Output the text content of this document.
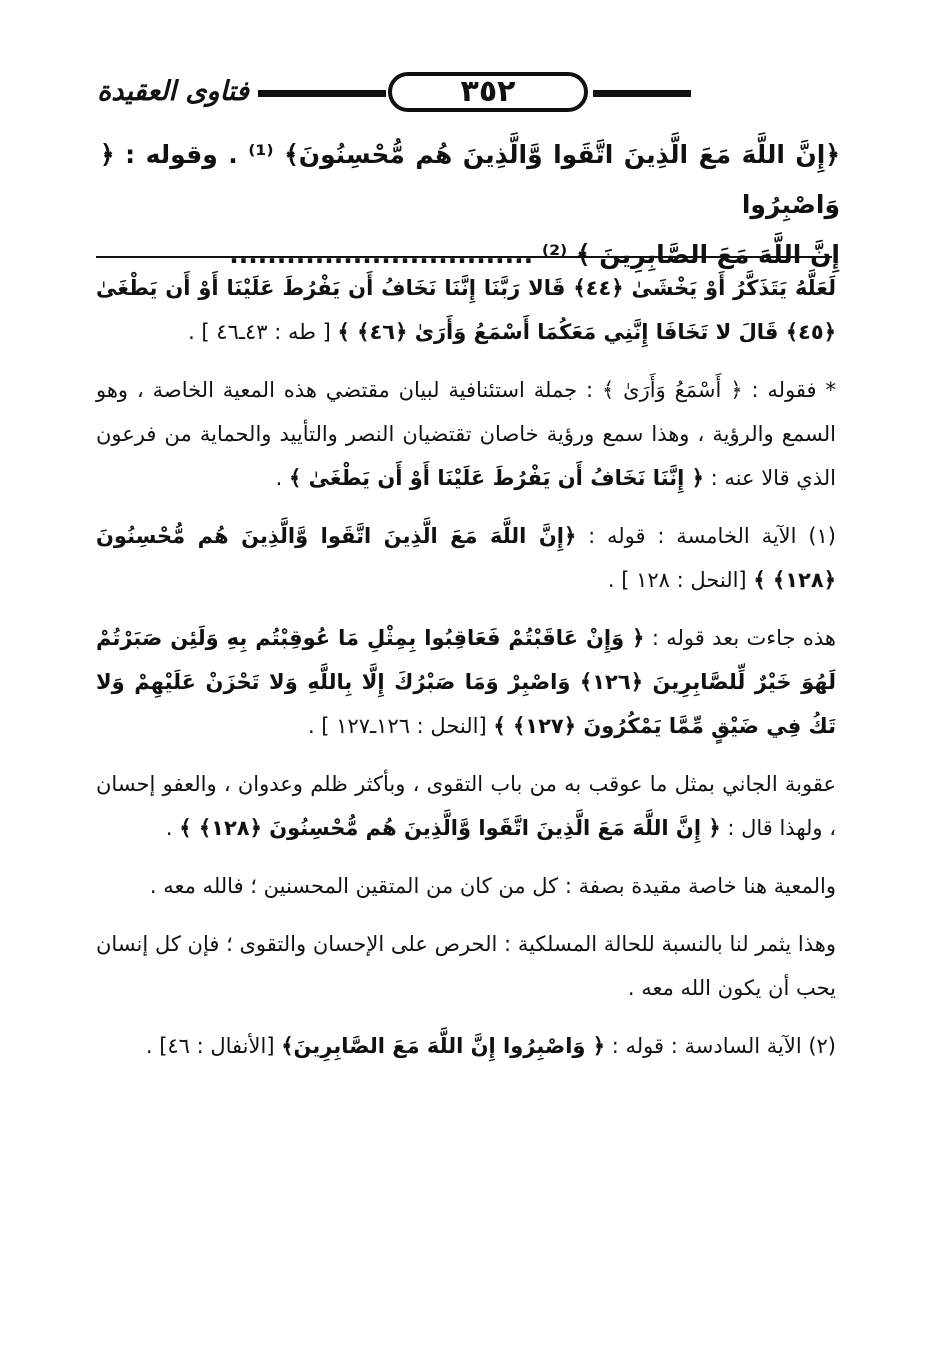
فتاوى العقيدة	٣٥٢
﴿إِنَّ اللَّهَ مَعَ الَّذِينَ اتَّقَوا وَّالَّذِينَ هُم مُّحْسِنُونَ﴾ ⁽¹⁾ . وقوله : ﴿ وَاصْبِرُوا
إِنَّ اللَّهَ مَعَ الصَّابِرِينَ ﴾ ⁽²⁾ ................................

لَعَلَّهُ يَتَذَكَّرُ أَوْ يَخْشَىٰ ﴿٤٤﴾ قَالا رَبَّنَا إِنَّنَا نَخَافُ أَن يَفْرُطَ عَلَيْنَا أَوْ أَن يَطْغَىٰ ﴿٤٥﴾ قَالَ لا تَخَافَا إِنَّنِي مَعَكُمَا أَسْمَعُ وَأَرَىٰ ﴿٤٦﴾ ﴾ [ طه : ٤٣ـ٤٦ ] .

* فقوله : ﴿ أَسْمَعُ وَأَرَىٰ ﴾ : جملة استئنافية لبيان مقتضي هذه المعية الخاصة ، وهو السمع والرؤية ، وهذا سمع ورؤية خاصان تقتضيان النصر والتأييد والحماية من فرعون الذي قالا عنه : ﴿ إِنَّنَا نَخَافُ أَن يَفْرُطَ عَلَيْنَا أَوْ أَن يَطْغَىٰ ﴾ .

(١) الآية الخامسة : قوله : ﴿إِنَّ اللَّهَ مَعَ الَّذِينَ اتَّقَوا وَّالَّذِينَ هُم مُّحْسِنُونَ ﴿١٢٨﴾ ﴾ [النحل : ١٢٨ ] .

هذه جاءت بعد قوله : ﴿ وَإِنْ عَاقَبْتُمْ فَعَاقِبُوا بِمِثْلِ مَا عُوقِبْتُم بِهِ وَلَئِن صَبَرْتُمْ لَهُوَ خَيْرٌ لِّلصَّابِرِينَ ﴿١٢٦﴾ وَاصْبِرْ وَمَا صَبْرُكَ إِلَّا بِاللَّهِ وَلا تَحْزَنْ عَلَيْهِمْ وَلا تَكُ فِي ضَيْقٍ مِّمَّا يَمْكُرُونَ ﴿١٢٧﴾ ﴾ [النحل : ١٢٦ـ١٢٧ ] .

عقوبة الجاني بمثل ما عوقب به من باب التقوى ، وبأكثر ظلم وعدوان ، والعفو إحسان ، ولهذا قال : ﴿ إِنَّ اللَّهَ مَعَ الَّذِينَ اتَّقَوا وَّالَّذِينَ هُم مُّحْسِنُونَ ﴿١٢٨﴾ ﴾ .

والمعية هنا خاصة مقيدة بصفة : كل من كان من المتقين المحسنين ؛ فالله معه .

وهذا يثمر لنا بالنسبة للحالة المسلكية : الحرص على الإحسان والتقوى ؛ فإن كل إنسان يحب أن يكون الله معه .

(٢) الآية السادسة : قوله : ﴿ وَاصْبِرُوا إِنَّ اللَّهَ مَعَ الصَّابِرِينَ﴾ [الأنفال : ٤٦] .
